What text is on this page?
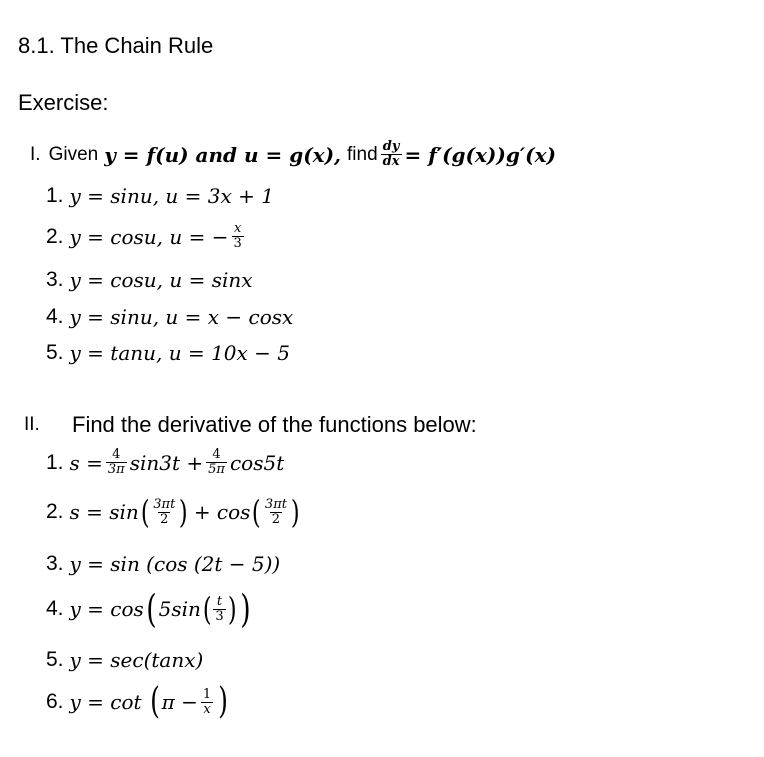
8.1. The Chain Rule
Exercise:
I. Given y = f(u) and u = g(x), find $\frac{dy}{dx} = f'(g(x))g'(x)$
1. y = sinu, u = 3x + 1
2. y = cosu, u = − $\frac{x}{3}$
3. y = cosu, u = sinx
4. y = sinu, u = x − cosx
5. y = tanu, u = 10x − 5
II.	Find the derivative of the functions below:
1. $s = \frac{4}{3\pi} \sin 3t + \frac{4}{5\pi} \cos 5t$
2. s = sin ( $\frac{3\pi t}{2}$ ) + cos ( $\frac{3\pi t}{2}$ )
3. y = sin (cos (2t − 5))
4. y = cos ( 5sin ( $\frac{t}{3}$ ) )
5. y = sec(tanx)
6. y = cot ( $\pi - \frac{1}{x}$ )
